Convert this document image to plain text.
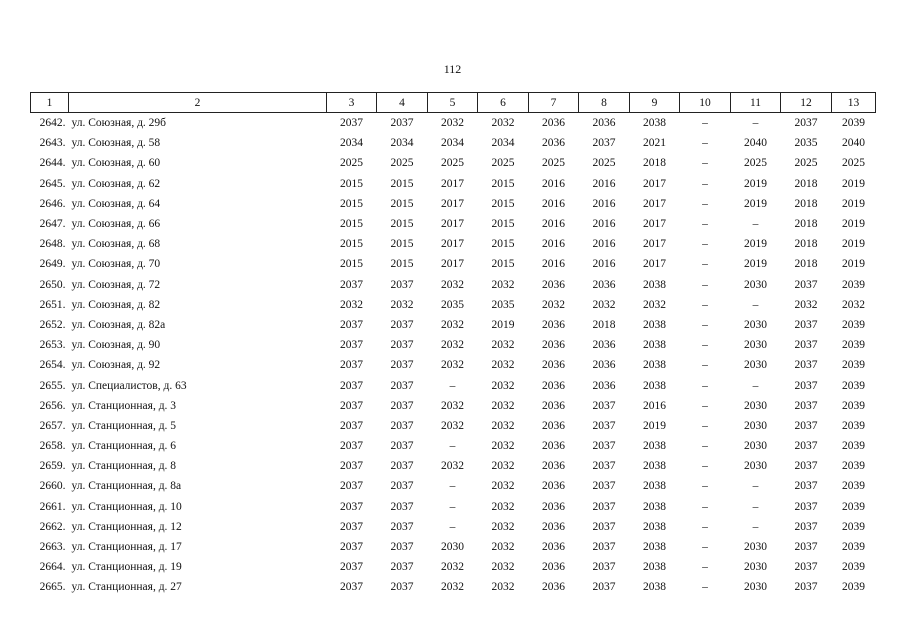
112
1	2	3	4	5	6	7	8	9	10	11	12	13
2642.	ул. Союзная, д. 29б	2037	2037	2032	2032	2036	2036	2038	–	–	2037	2039
2643.	ул. Союзная, д. 58	2034	2034	2034	2034	2036	2037	2021	–	2040	2035	2040
2644.	ул. Союзная, д. 60	2025	2025	2025	2025	2025	2025	2018	–	2025	2025	2025
2645.	ул. Союзная, д. 62	2015	2015	2017	2015	2016	2016	2017	–	2019	2018	2019
2646.	ул. Союзная, д. 64	2015	2015	2017	2015	2016	2016	2017	–	2019	2018	2019
2647.	ул. Союзная, д. 66	2015	2015	2017	2015	2016	2016	2017	–	–	2018	2019
2648.	ул. Союзная, д. 68	2015	2015	2017	2015	2016	2016	2017	–	2019	2018	2019
2649.	ул. Союзная, д. 70	2015	2015	2017	2015	2016	2016	2017	–	2019	2018	2019
2650.	ул. Союзная, д. 72	2037	2037	2032	2032	2036	2036	2038	–	2030	2037	2039
2651.	ул. Союзная, д. 82	2032	2032	2035	2035	2032	2032	2032	–	–	2032	2032
2652.	ул. Союзная, д. 82а	2037	2037	2032	2019	2036	2018	2038	–	2030	2037	2039
2653.	ул. Союзная, д. 90	2037	2037	2032	2032	2036	2036	2038	–	2030	2037	2039
2654.	ул. Союзная, д. 92	2037	2037	2032	2032	2036	2036	2038	–	2030	2037	2039
2655.	ул. Специалистов, д. 63	2037	2037	–	2032	2036	2036	2038	–	–	2037	2039
2656.	ул. Станционная, д. 3	2037	2037	2032	2032	2036	2037	2016	–	2030	2037	2039
2657.	ул. Станционная, д. 5	2037	2037	2032	2032	2036	2037	2019	–	2030	2037	2039
2658.	ул. Станционная, д. 6	2037	2037	–	2032	2036	2037	2038	–	2030	2037	2039
2659.	ул. Станционная, д. 8	2037	2037	2032	2032	2036	2037	2038	–	2030	2037	2039
2660.	ул. Станционная, д. 8а	2037	2037	–	2032	2036	2037	2038	–	–	2037	2039
2661.	ул. Станционная, д. 10	2037	2037	–	2032	2036	2037	2038	–	–	2037	2039
2662.	ул. Станционная, д. 12	2037	2037	–	2032	2036	2037	2038	–	–	2037	2039
2663.	ул. Станционная, д. 17	2037	2037	2030	2032	2036	2037	2038	–	2030	2037	2039
2664.	ул. Станционная, д. 19	2037	2037	2032	2032	2036	2037	2038	–	2030	2037	2039
2665.	ул. Станционная, д. 27	2037	2037	2032	2032	2036	2037	2038	–	2030	2037	2039
